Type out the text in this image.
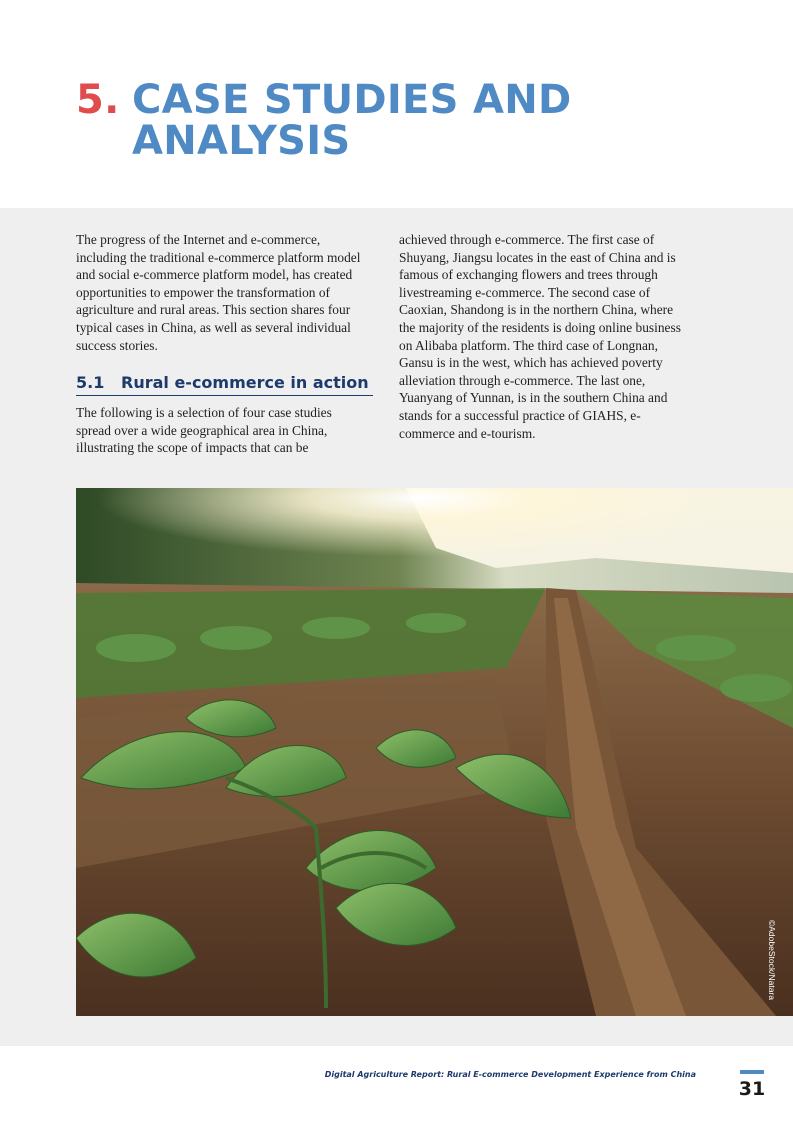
5. CASE STUDIES AND ANALYSIS

The progress of the Internet and e-commerce, including the traditional e-commerce platform model and social e-commerce platform model, has created opportunities to empower the transformation of agriculture and rural areas. This section shares four typical cases in China, as well as several individual success stories.

5.1 Rural e-commerce in action

The following is a selection of four case studies spread over a wide geographical area in China, illustrating the scope of impacts that can be

achieved through e-commerce. The first case of Shuyang, Jiangsu locates in the east of China and is famous of exchanging flowers and trees through livestreaming e-commerce. The second case of Caoxian, Shandong is in the northern China, where the majority of the residents is doing online business on Alibaba platform. The third case of Longnan, Gansu is in the west, which has achieved poverty alleviation through e-commerce. The last one, Yuanyang of Yunnan, is in the southern China and stands for a successful practice of GIAHS, e-commerce and e-tourism.

©AdobeStock/Natara
Digital Agriculture Report: Rural E-commerce Development Experience from China
31
